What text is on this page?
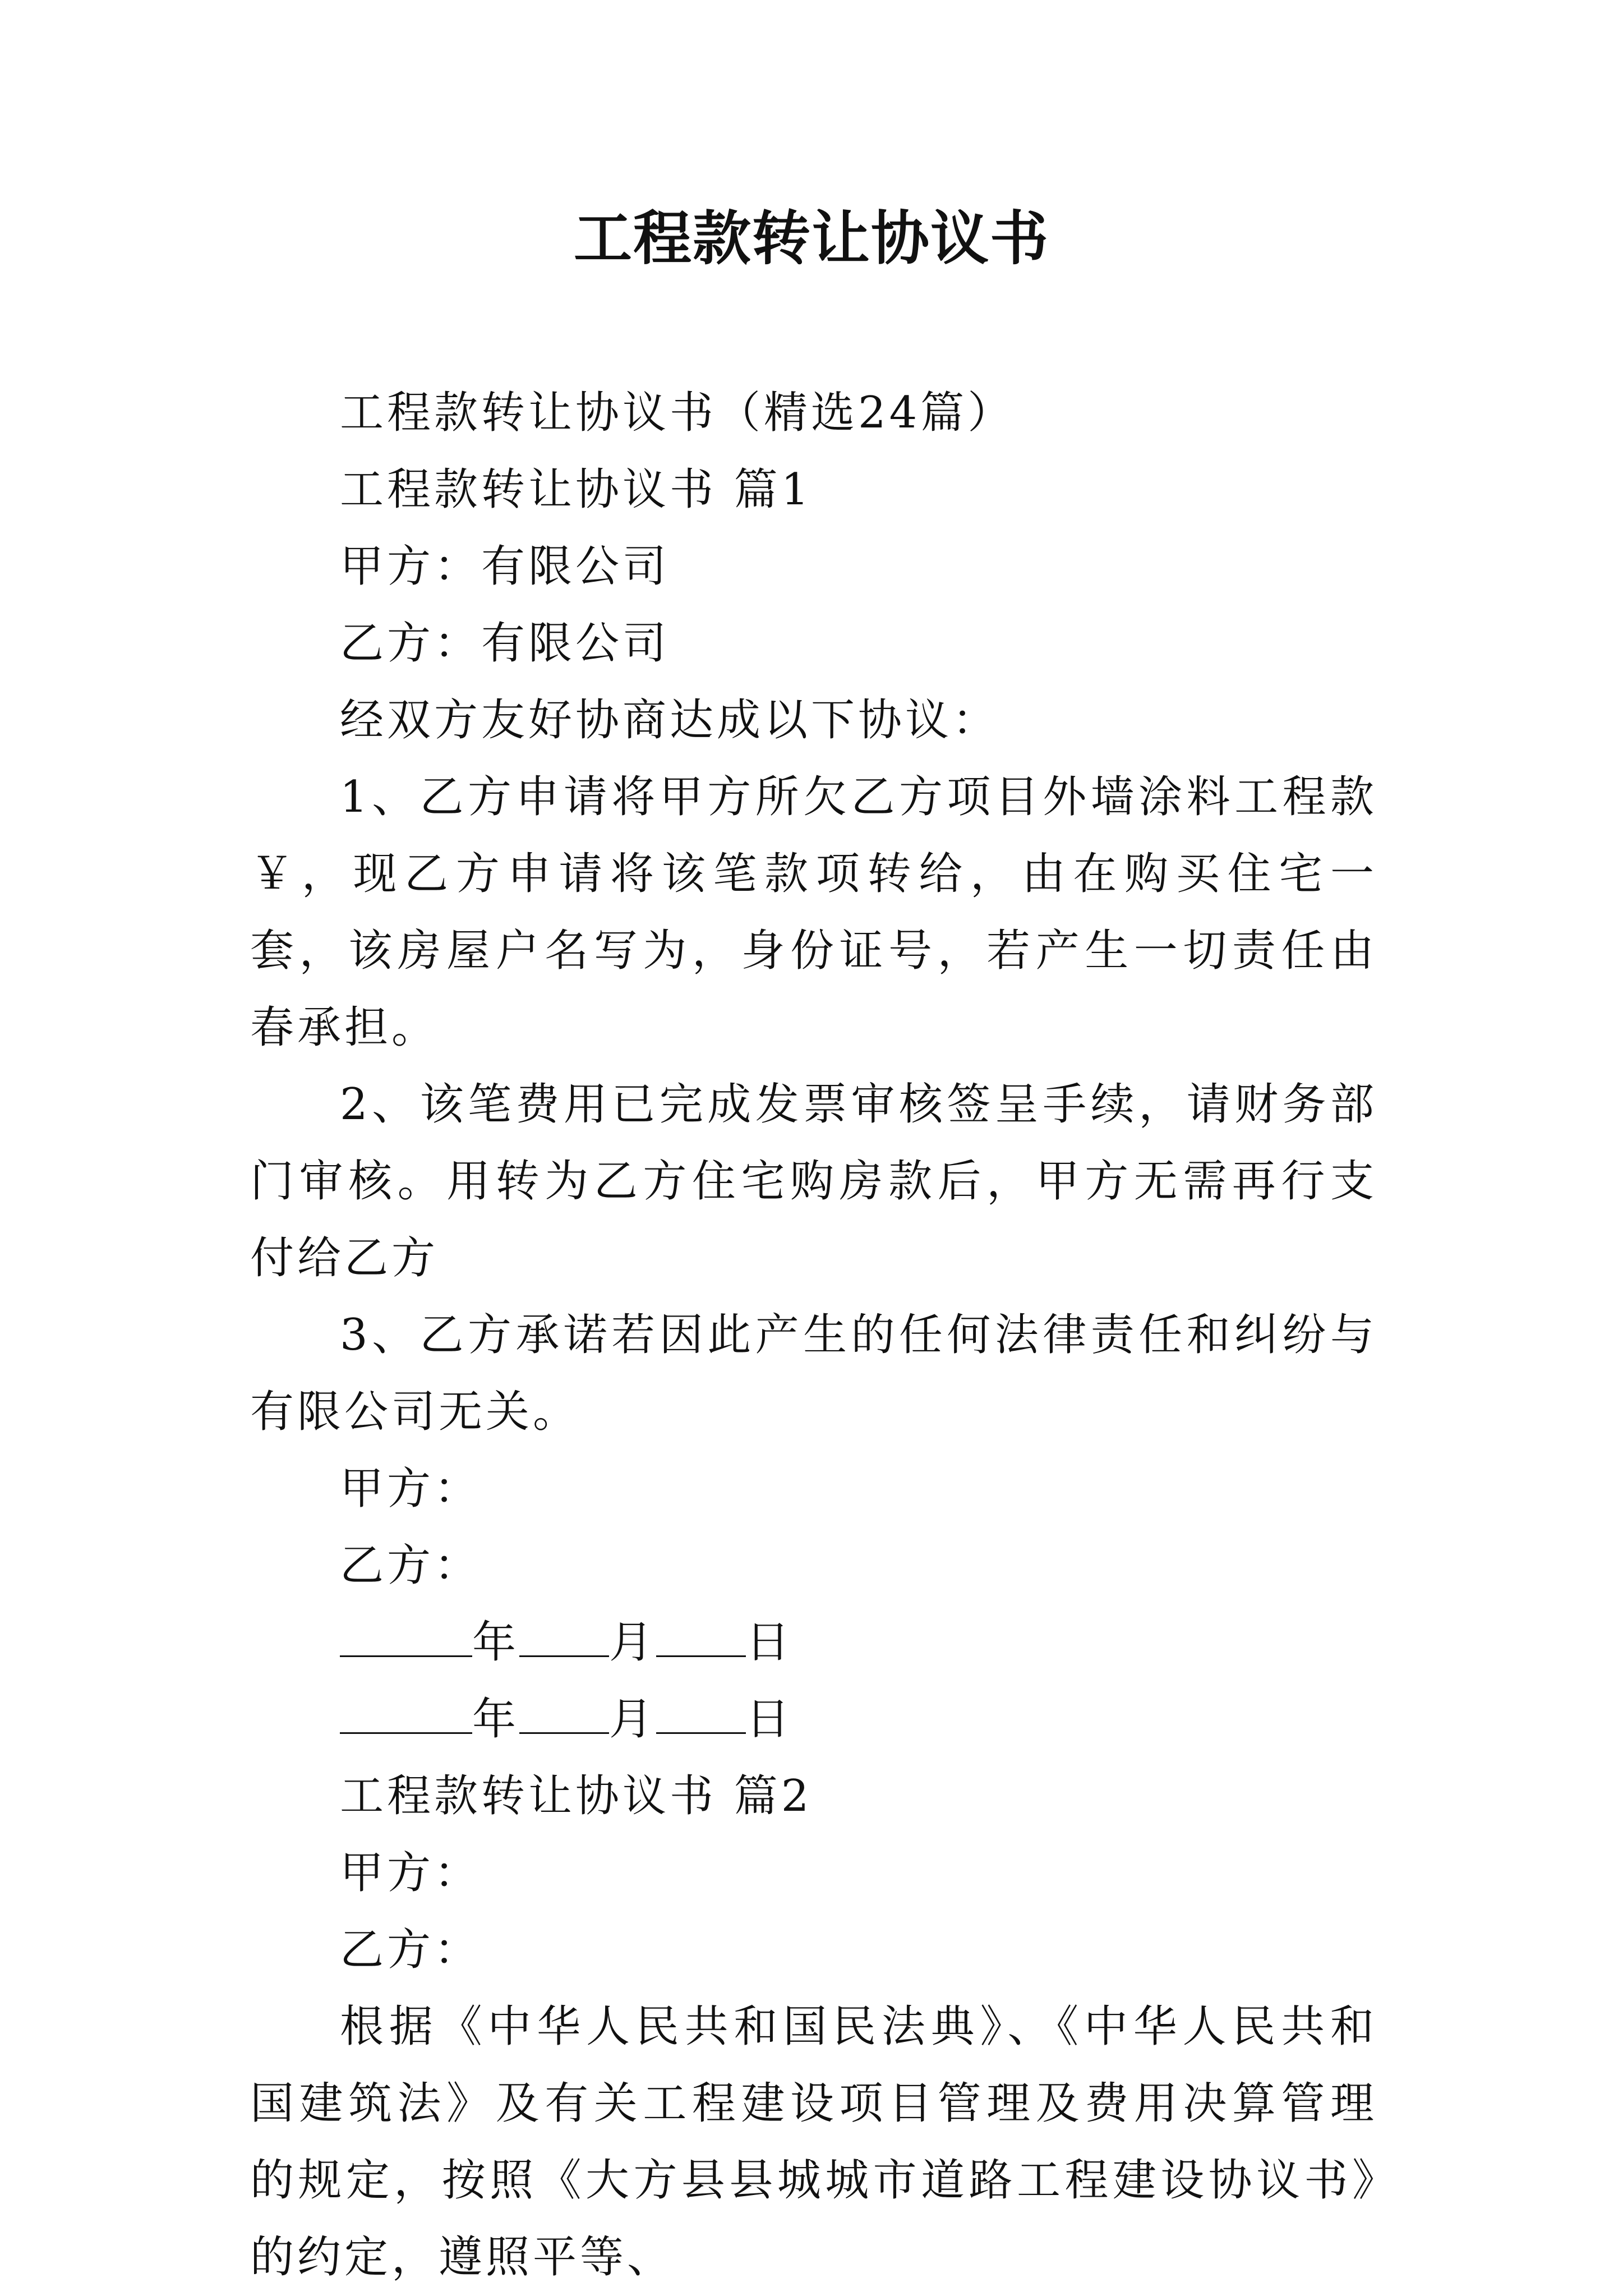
工程款转让协议书

工程款转让协议书（精选24篇）

工程款转让协议书 篇1

甲方：有限公司

乙方：有限公司

经双方友好协商达成以下协议：

1、乙方申请将甲方所欠乙方项目外墙涂料工程款￥，现乙方申请将该笔款项转给，由在购买住宅一套，该房屋户名写为，身份证号，若产生一切责任由春承担。

2、该笔费用已完成发票审核签呈手续，请财务部门审核。用转为乙方住宅购房款后，甲方无需再行支付给乙方

3、乙方承诺若因此产生的任何法律责任和纠纷与有限公司无关。

甲方：

乙方：

年 月 日

年 月 日

工程款转让协议书 篇2

甲方：

乙方：

根据《中华人民共和国民法典》、《中华人民共和国建筑法》及有关工程建设项目管理及费用决算管理的规定，按照《大方县县城城市道路工程建设协议书》的约定，遵照平等、
